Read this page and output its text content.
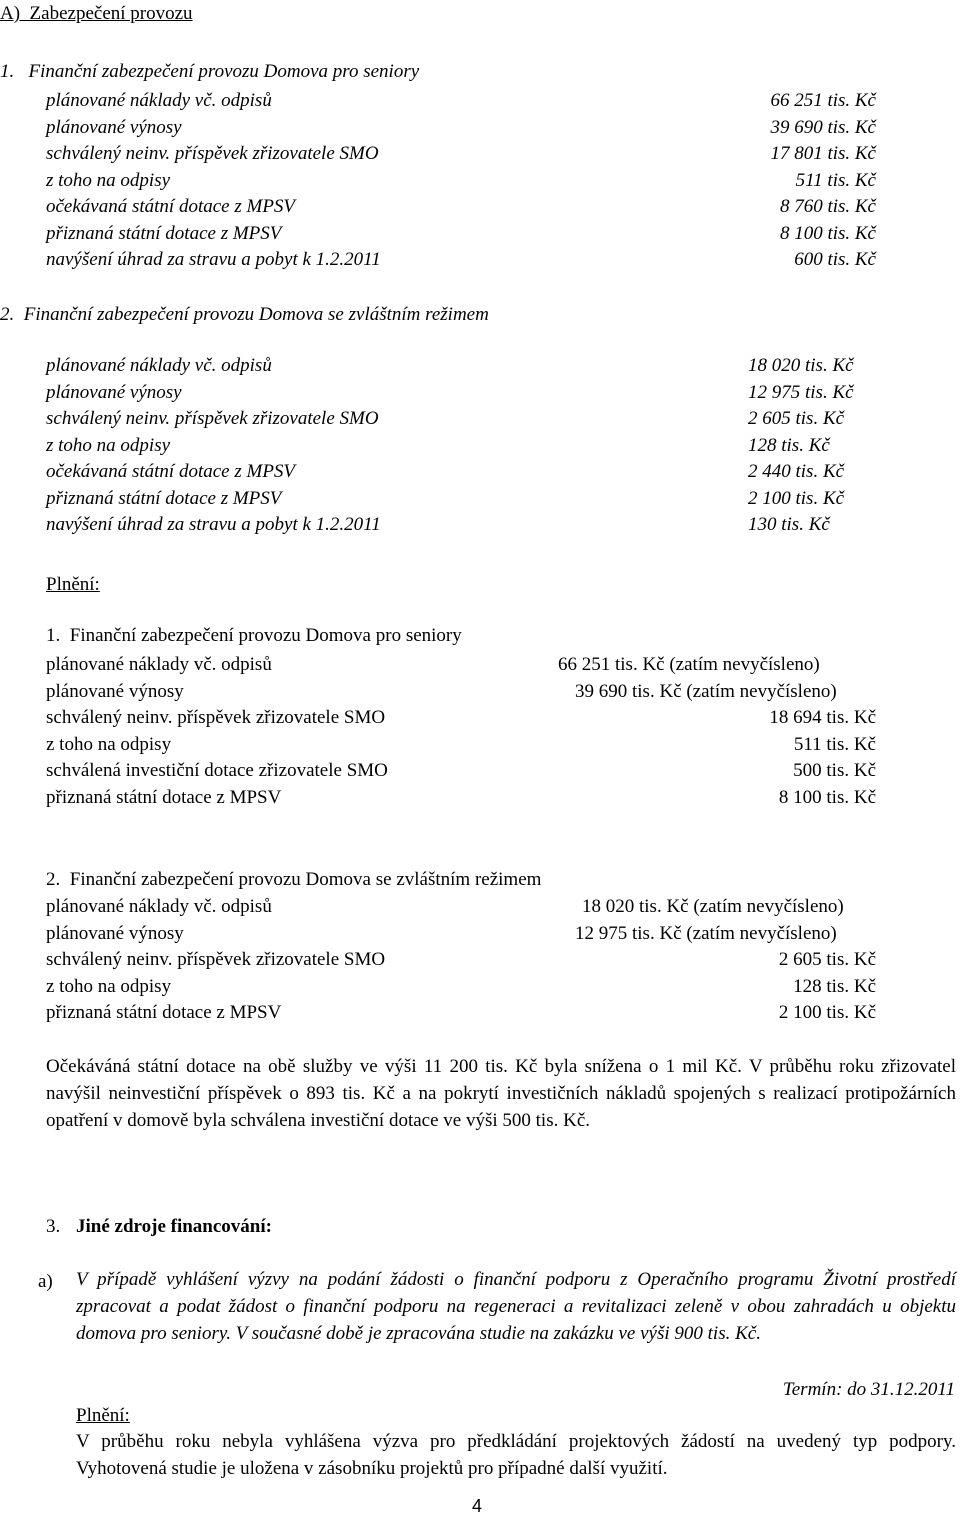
A)  Zabezpečení provozu
1.   Finanční zabezpečení provozu Domova pro seniory
plánované náklady vč. odpisů	66 251 tis. Kč
plánované výnosy	39 690 tis. Kč
schválený neinv. příspěvek zřizovatele SMO	17 801 tis. Kč
z toho na odpisy	511 tis. Kč
očekávaná státní dotace z MPSV	8 760 tis. Kč
přiznaná státní dotace z MPSV	8 100 tis. Kč
navýšení úhrad za stravu a pobyt k 1.2.2011	600 tis. Kč
2.  Finanční zabezpečení provozu Domova se zvláštním režimem
plánované náklady vč. odpisů	18 020 tis. Kč
plánované výnosy	12 975 tis. Kč
schválený neinv. příspěvek zřizovatele SMO	2 605 tis. Kč
z toho na odpisy	128 tis. Kč
očekávaná státní dotace z MPSV	2 440 tis. Kč
přiznaná státní dotace z MPSV	2 100 tis. Kč
navýšení úhrad za stravu a pobyt k 1.2.2011	130 tis. Kč
Plnění:
1.  Finanční zabezpečení provozu Domova pro seniory
plánované náklady vč. odpisů	66 251 tis. Kč (zatím nevyčísleno)
plánované výnosy	39 690 tis. Kč (zatím nevyčísleno)
schválený neinv. příspěvek zřizovatele SMO	18 694 tis. Kč
z toho na odpisy	511 tis. Kč
schválená investiční dotace zřizovatele SMO	500 tis. Kč
přiznaná státní dotace z MPSV	8 100 tis. Kč
2.  Finanční zabezpečení provozu Domova se zvláštním režimem
plánované náklady vč. odpisů	18 020 tis. Kč (zatím nevyčísleno)
plánované výnosy	12 975 tis. Kč (zatím nevyčísleno)
schválený neinv. příspěvek zřizovatele SMO	2 605 tis. Kč
z toho na odpisy	128 tis. Kč
přiznaná státní dotace z MPSV	2 100 tis. Kč
Očekáváná státní dotace na obě služby ve výši 11 200 tis. Kč byla snížena o 1 mil Kč. V průběhu roku zřizovatel navýšil neinvestiční příspěvek o 893 tis. Kč a na pokrytí investičních nákladů spojených s realizací protipožárních opatření v domově byla schválena investiční dotace ve výši 500 tis. Kč.
3. Jiné zdroje financování:
a) V případě vyhlášení výzvy na podání žádosti o finanční podporu z Operačního programu Životní prostředí zpracovat a podat žádost o finanční podporu na regeneraci a revitalizaci zeleně v obou zahradách u objektu domova pro seniory. V současné době je zpracována studie na zakázku ve výši 900 tis. Kč.
Termín: do 31.12.2011
Plnění:
V průběhu roku nebyla vyhlášena výzva pro předkládání projektových žádostí na uvedený typ podpory. Vyhotovená studie je uložena v zásobníku projektů pro případné další využití.
4
